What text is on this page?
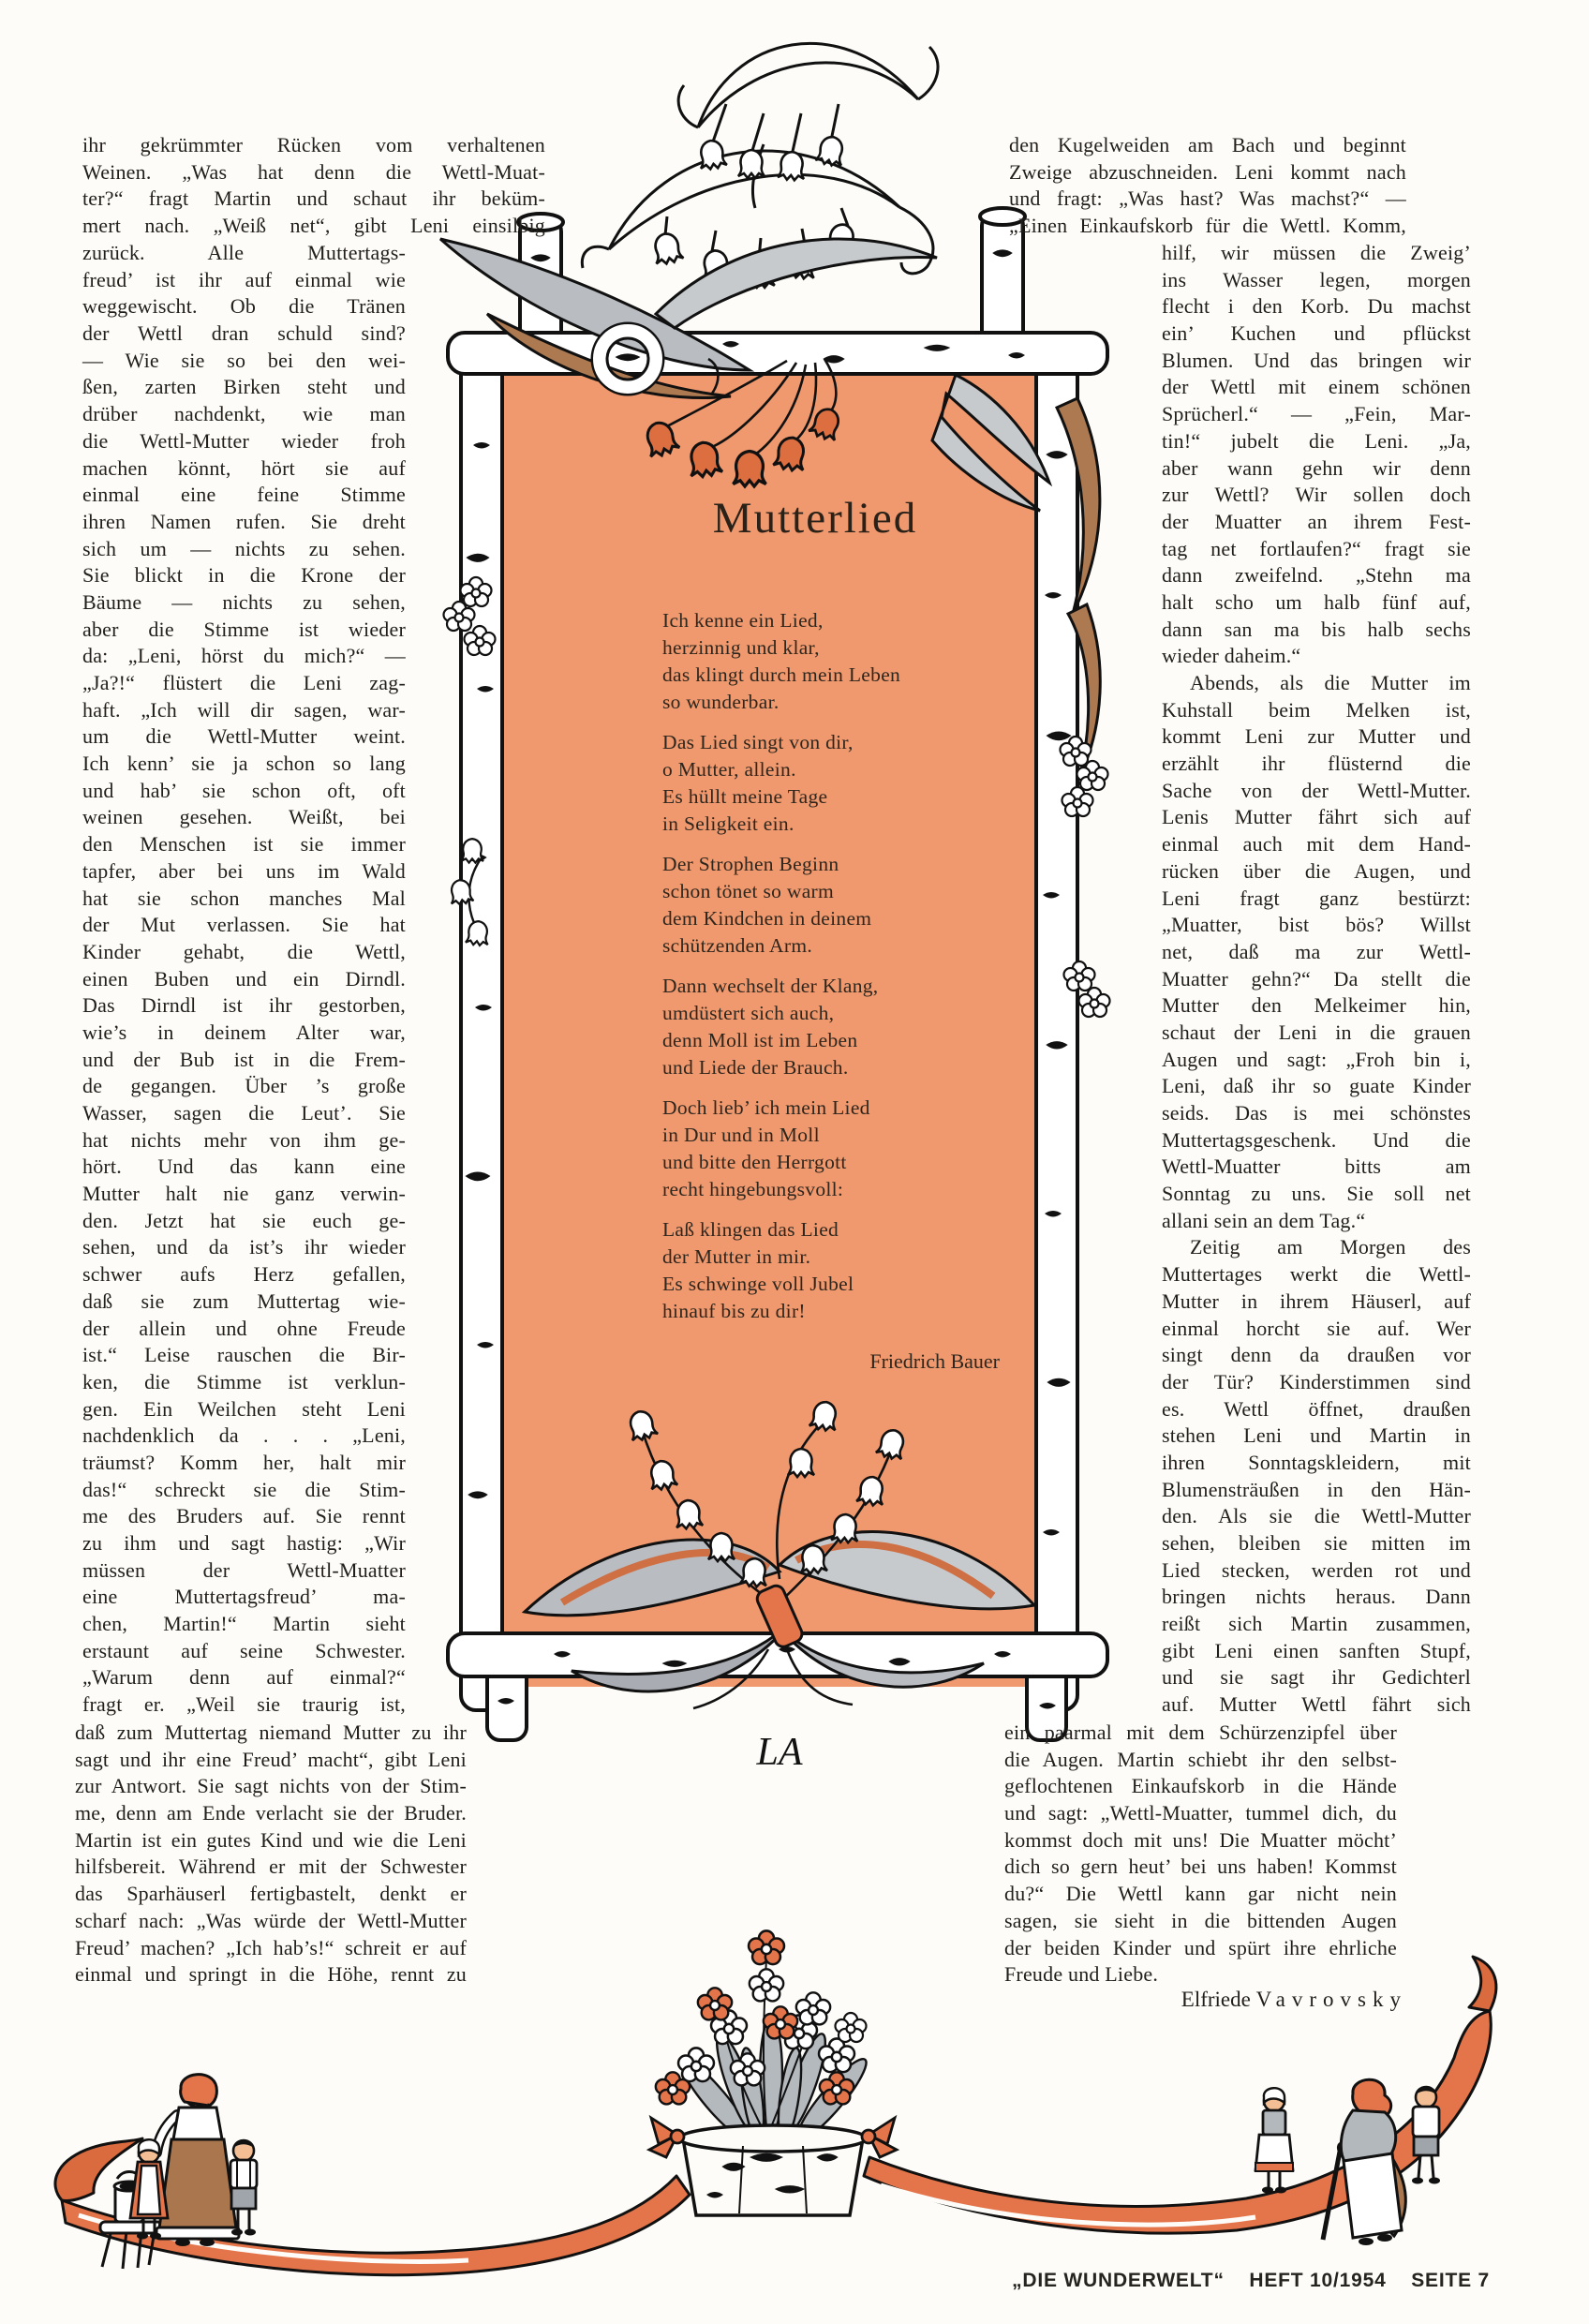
LA
ihr gekrümmter Rücken vom verhaltenen
Weinen. „Was hat denn die Wettl-Muat-
ter?“ fragt Martin und schaut ihr beküm-
mert nach. „Weiß net“, gibt Leni einsilbig
zurück. Alle Muttertags-
freud’ ist ihr auf einmal wie
weggewischt. Ob die Tränen
der Wettl dran schuld sind?
— Wie sie so bei den wei-
ßen, zarten Birken steht und
drüber nachdenkt, wie man
die Wettl-Mutter wieder froh
machen könnt, hört sie auf
einmal eine feine Stimme
ihren Namen rufen. Sie dreht
sich um — nichts zu sehen.
Sie blickt in die Krone der
Bäume — nichts zu sehen,
aber die Stimme ist wieder
da: „Leni, hörst du mich?“ —
„Ja?!“ flüstert die Leni zag-
haft. „Ich will dir sagen, war-
um die Wettl-Mutter weint.
Ich kenn’ sie ja schon so lang
und hab’ sie schon oft, oft
weinen gesehen. Weißt, bei
den Menschen ist sie immer
tapfer, aber bei uns im Wald
hat sie schon manches Mal
der Mut verlassen. Sie hat
Kinder gehabt, die Wettl,
einen Buben und ein Dirndl.
Das Dirndl ist ihr gestorben,
wie’s in deinem Alter war,
und der Bub ist in die Frem-
de gegangen. Über ’s große
Wasser, sagen die Leut’. Sie
hat nichts mehr von ihm ge-
hört. Und das kann eine
Mutter halt nie ganz verwin-
den. Jetzt hat sie euch ge-
sehen, und da ist’s ihr wieder
schwer aufs Herz gefallen,
daß sie zum Muttertag wie-
der allein und ohne Freude
ist.“ Leise rauschen die Bir-
ken, die Stimme ist verklun-
gen. Ein Weilchen steht Leni
nachdenklich da . . . „Leni,
träumst? Komm her, halt mir
das!“ schreckt sie die Stim-
me des Bruders auf. Sie rennt
zu ihm und sagt hastig: „Wir
müssen der Wettl-Muatter
eine Muttertagsfreud’ ma-
chen, Martin!“ Martin sieht
erstaunt auf seine Schwester.
„Warum denn auf einmal?“
fragt er. „Weil sie traurig ist,
daß zum Muttertag niemand Mutter zu ihr
sagt und ihr eine Freud’ macht“, gibt Leni
zur Antwort. Sie sagt nichts von der Stim-
me, denn am Ende verlacht sie der Bruder.
Martin ist ein gutes Kind und wie die Leni
hilfsbereit. Während er mit der Schwester
das Sparhäuserl fertigbastelt, denkt er
scharf nach: „Was würde der Wettl-Mutter
Freud’ machen? „Ich hab’s!“ schreit er auf
einmal und springt in die Höhe, rennt zu
den Kugelweiden am Bach und beginnt
Zweige abzuschneiden. Leni kommt nach
und fragt: „Was hast? Was machst?“ —
„Einen Einkaufskorb für die Wettl. Komm,
hilf, wir müssen die Zweig’
ins Wasser legen, morgen
flecht i den Korb. Du machst
ein’ Kuchen und pflückst
Blumen. Und das bringen wir
der Wettl mit einem schönen
Sprücherl.“ — „Fein, Mar-
tin!“ jubelt die Leni. „Ja,
aber wann gehn wir denn
zur Wettl? Wir sollen doch
der Muatter an ihrem Fest-
tag net fortlaufen?“ fragt sie
dann zweifelnd. „Stehn ma
halt scho um halb fünf auf,
dann san ma bis halb sechs
wieder daheim.“
Abends, als die Mutter im
Kuhstall beim Melken ist,
kommt Leni zur Mutter und
erzählt ihr flüsternd die
Sache von der Wettl-Mutter.
Lenis Mutter fährt sich auf
einmal auch mit dem Hand-
rücken über die Augen, und
Leni fragt ganz bestürzt:
„Muatter, bist bös? Willst
net, daß ma zur Wettl-
Muatter gehn?“ Da stellt die
Mutter den Melkeimer hin,
schaut der Leni in die grauen
Augen und sagt: „Froh bin i,
Leni, daß ihr so guate Kinder
seids. Das is mei schönstes
Muttertagsgeschenk. Und die
Wettl-Muatter bitts am
Sonntag zu uns. Sie soll net
allani sein an dem Tag.“
Zeitig am Morgen des
Muttertages werkt die Wettl-
Mutter in ihrem Häuserl, auf
einmal horcht sie auf. Wer
singt denn da draußen vor
der Tür? Kinderstimmen sind
es. Wettl öffnet, draußen
stehen Leni und Martin in
ihren Sonntagskleidern, mit
Blumensträußen in den Hän-
den. Als sie die Wettl-Mutter
sehen, bleiben sie mitten im
Lied stecken, werden rot und
bringen nichts heraus. Dann
reißt sich Martin zusammen,
gibt Leni einen sanften Stupf,
und sie sagt ihr Gedichterl
auf. Mutter Wettl fährt sich
ein paarmal mit dem Schürzenzipfel über
die Augen. Martin schiebt ihr den selbst-
geflochtenen Einkaufskorb in die Hände
und sagt: „Wettl-Muatter, tummel dich, du
kommst doch mit uns! Die Muatter möcht’
dich so gern heut’ bei uns haben! Kommst
du?“ Die Wettl kann gar nicht nein
sagen, sie sieht in die bittenden Augen
der beiden Kinder und spürt ihre ehrliche
Freude und Liebe.
Elfriede Vavrovsky
Mutterlied
Ich kenne ein Lied,
herzinnig und klar,
das klingt durch mein Leben
so wunderbar.
Das Lied singt von dir,
o Mutter, allein.
Es hüllt meine Tage
in Seligkeit ein.
Der Strophen Beginn
schon tönet so warm
dem Kindchen in deinem
schützenden Arm.
Dann wechselt der Klang,
umdüstert sich auch,
denn Moll ist im Leben
und Liede der Brauch.
Doch lieb’ ich mein Lied
in Dur und in Moll
und bitte den Herrgott
recht hingebungsvoll:
Laß klingen das Lied
der Mutter in mir.
Es schwinge voll Jubel
hinauf bis zu dir!
Friedrich Bauer
„DIE WUNDERWELT“ HEFT 10/1954 SEITE 7
